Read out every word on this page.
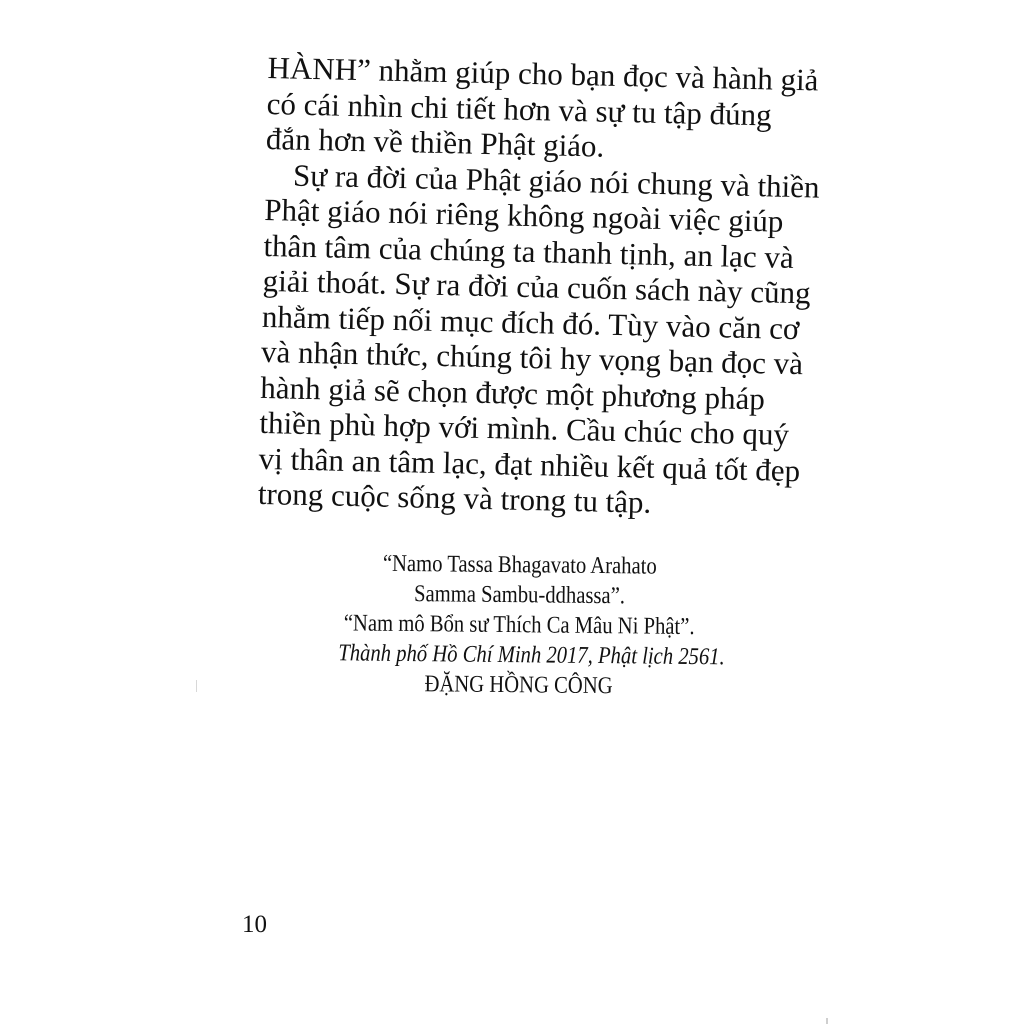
HÀNH” nhằm giúp cho bạn đọc và hành giả
có cái nhìn chi tiết hơn và sự tu tập đúng
đắn hơn về thiền Phật giáo.
Sự ra đời của Phật giáo nói chung và thiền
Phật giáo nói riêng không ngoài việc giúp
thân tâm của chúng ta thanh tịnh, an lạc và
giải thoát. Sự ra đời của cuốn sách này cũng
nhằm tiếp nối mục đích đó. Tùy vào căn cơ
và nhận thức, chúng tôi hy vọng bạn đọc và
hành giả sẽ chọn được một phương pháp
thiền phù hợp với mình. Cầu chúc cho quý
vị thân an tâm lạc, đạt nhiều kết quả tốt đẹp
trong cuộc sống và trong tu tập.
“Namo Tassa Bhagavato Arahato
Samma Sambu-ddhassa”.
“Nam mô Bổn sư Thích Ca Mâu Ni Phật”.
Thành phố Hồ Chí Minh 2017, Phật lịch 2561.
ĐẶNG HỒNG CÔNG
10
